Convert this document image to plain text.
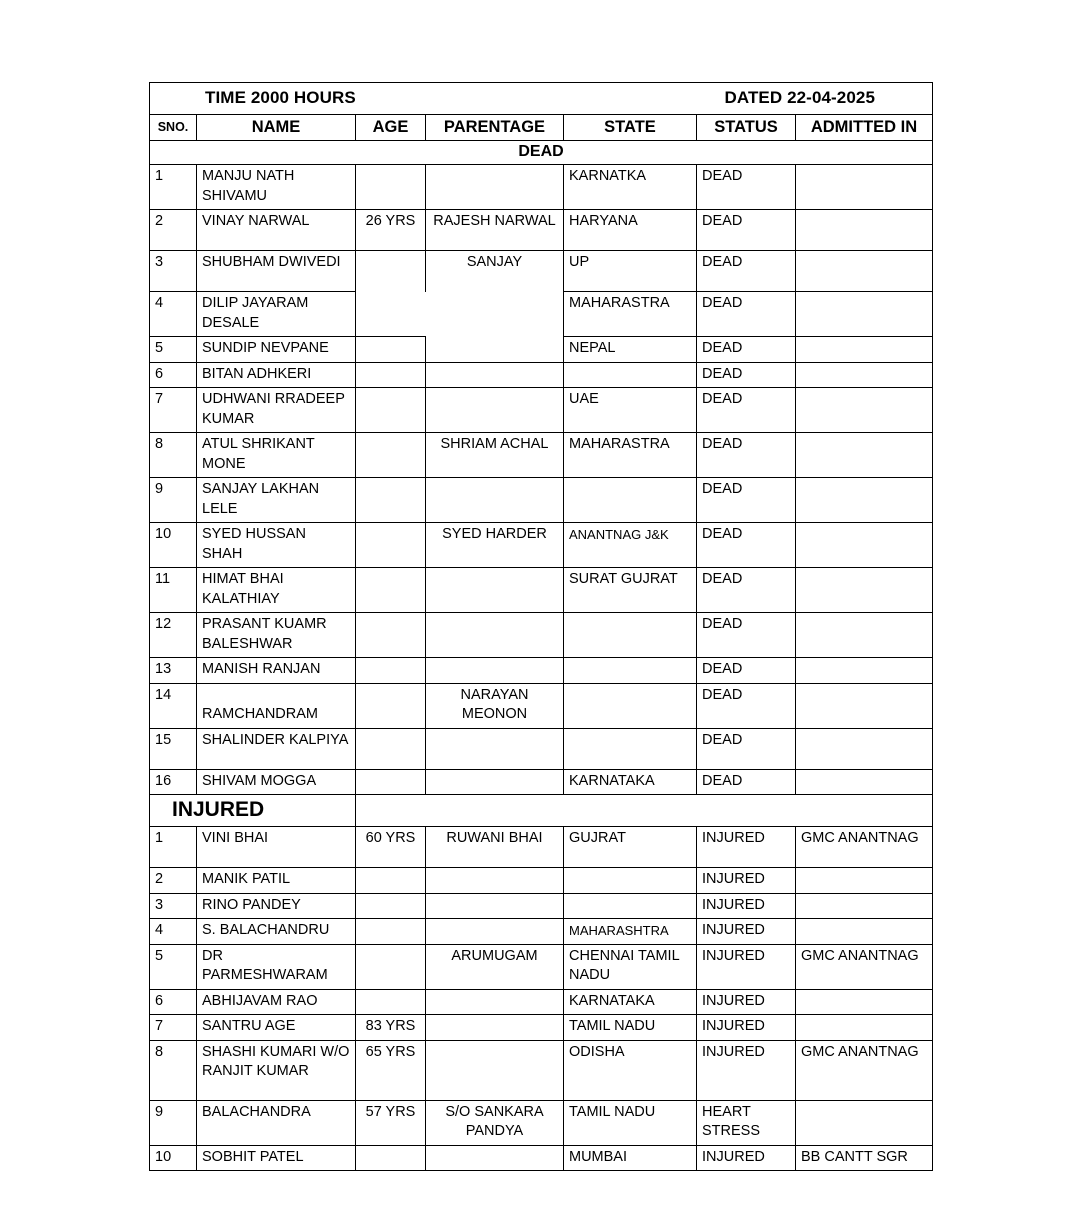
TIME 2000 HOURS DATED 22-04-2025						

SNO.	NAME	AGE	PARENTAGE	STATE	STATUS	ADMITTED IN
DEAD						
1	MANJU NATH SHIVAMU			KARNATKA	DEAD	
2	VINAY NARWAL	26 YRS	RAJESH NARWAL	HARYANA	DEAD	
3	SHUBHAM DWIVEDI		SANJAY	UP	DEAD	
4	DILIP JAYARAM DESALE			MAHARASTRA	DEAD	
5	SUNDIP NEVPANE			NEPAL	DEAD	
6	BITAN ADHKERI				DEAD	
7	UDHWANI RRADEEP KUMAR			UAE	DEAD	
8	ATUL SHRIKANT MONE		SHRIAM ACHAL	MAHARASTRA	DEAD	
9	SANJAY LAKHAN LELE				DEAD	
10	SYED HUSSAN SHAH		SYED HARDER	ANANTNAG J&K	DEAD	
11	HIMAT BHAI KALATHIAY			SURAT GUJRAT	DEAD	
12	PRASANT KUAMR BALESHWAR				DEAD	
13	MANISH RANJAN				DEAD	
14	RAMCHANDRAM		NARAYAN MEONON		DEAD	
15	SHALINDER KALPIYA				DEAD	
16	SHIVAM MOGGA			KARNATAKA	DEAD	
INJURED						
1	VINI BHAI	60 YRS	RUWANI BHAI	GUJRAT	INJURED	GMC ANANTNAG
2	MANIK PATIL				INJURED	
3	RINO PANDEY				INJURED	
4	S. BALACHANDRU			MAHARASHTRA	INJURED	
5	DR PARMESHWARAM		ARUMUGAM	CHENNAI TAMIL NADU	INJURED	GMC ANANTNAG
6	ABHIJAVAM RAO			KARNATAKA	INJURED	
7	SANTRU AGE	83 YRS		TAMIL NADU	INJURED	
8	SHASHI KUMARI W/O RANJIT KUMAR	65 YRS		ODISHA	INJURED	GMC ANANTNAG
9	BALACHANDRA	57 YRS	S/O SANKARA PANDYA	TAMIL NADU	HEART STRESS	
10	SOBHIT PATEL			MUMBAI	INJURED	BB CANTT SGR
